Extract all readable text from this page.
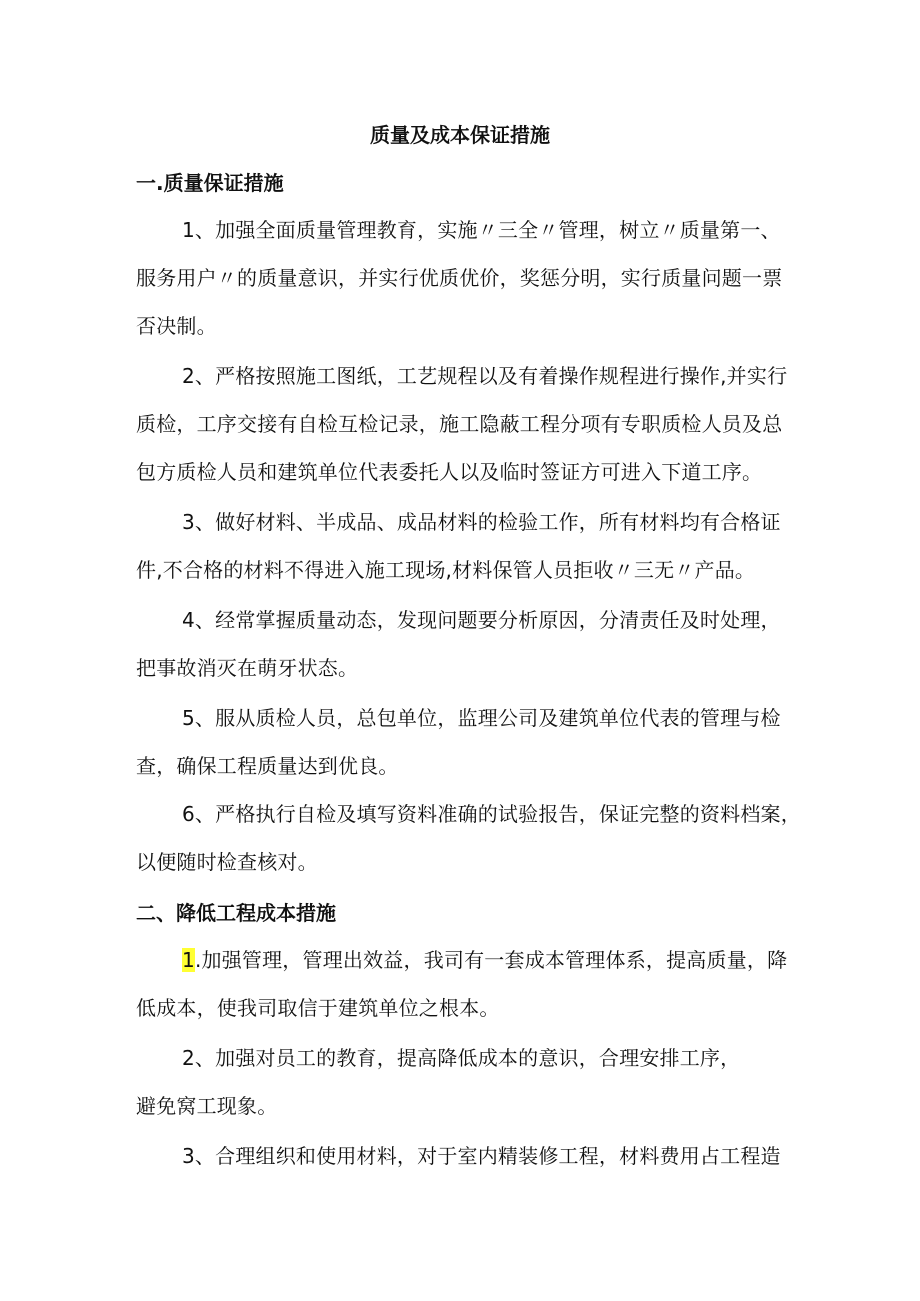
质量及成本保证措施
一.质量保证措施
1、加强全面质量管理教育，实施〃三全〃管理，树立〃质量第一、
服务用户〃的质量意识，并实行优质优价，奖惩分明，实行质量问题一票
否决制。
2、严格按照施工图纸，工艺规程以及有着操作规程进行操作,并实行
质检，工序交接有自检互检记录，施工隐蔽工程分项有专职质检人员及总
包方质检人员和建筑单位代表委托人以及临时签证方可进入下道工序。
3、做好材料、半成品、成品材料的检验工作，所有材料均有合格证
件,不合格的材料不得进入施工现场,材料保管人员拒收〃三无〃产品。
4、经常掌握质量动态，发现问题要分析原因，分清责任及时处理，
把事故消灭在萌牙状态。
5、服从质检人员，总包单位，监理公司及建筑单位代表的管理与检
查，确保工程质量达到优良。
6、严格执行自检及填写资料准确的试验报告，保证完整的资料档案，
以便随时检查核对。
二、降低工程成本措施
1.加强管理，管理出效益，我司有一套成本管理体系，提高质量，降
低成本，使我司取信于建筑单位之根本。
2、加强对员工的教育，提高降低成本的意识，合理安排工序，
避免窝工现象。
3、合理组织和使用材料，对于室内精装修工程，材料费用占工程造
